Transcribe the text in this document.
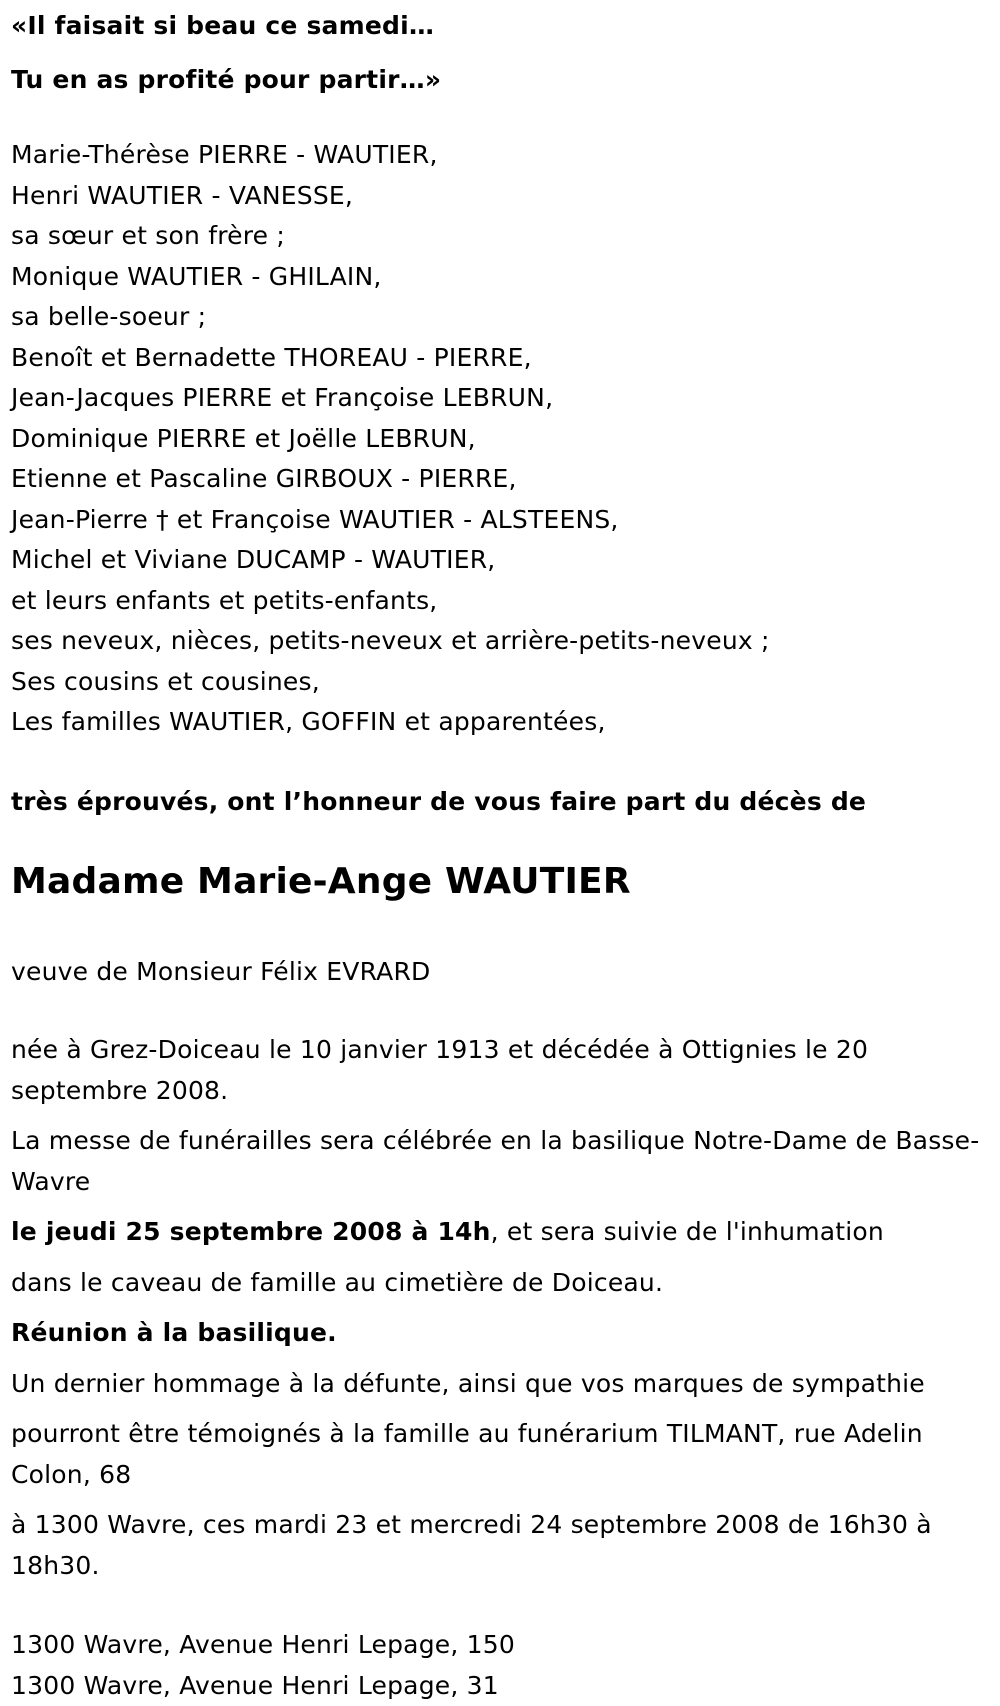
«Il faisait si beau ce samedi…
Tu en as profité pour partir…»
Marie-Thérèse PIERRE - WAUTIER,
Henri WAUTIER - VANESSE,
sa sœur et son frère ;
Monique WAUTIER - GHILAIN,
sa belle-soeur ;
Benoît et Bernadette THOREAU - PIERRE,
Jean-Jacques PIERRE et Françoise LEBRUN,
Dominique PIERRE et Joëlle LEBRUN,
Etienne et Pascaline GIRBOUX - PIERRE,
Jean-Pierre † et Françoise WAUTIER - ALSTEENS,
Michel et Viviane DUCAMP - WAUTIER,
et leurs enfants et petits-enfants,
ses neveux, nièces, petits-neveux et arrière-petits-neveux ;
Ses cousins et cousines,
Les familles WAUTIER, GOFFIN et apparentées,
très éprouvés, ont l’honneur de vous faire part du décès de
Madame Marie-Ange WAUTIER
veuve de Monsieur Félix EVRARD

née à Grez-Doiceau le 10 janvier 1913 et décédée à Ottignies le 20 septembre 2008.

La messe de funérailles sera célébrée en la basilique Notre-Dame de Basse-Wavre

le jeudi 25 septembre 2008 à 14h, et sera suivie de l'inhumation

dans le caveau de famille au cimetière de Doiceau.

Réunion à la basilique.

Un dernier hommage à la défunte, ainsi que vos marques de sympathie

pourront être témoignés à la famille au funérarium TILMANT, rue Adelin Colon, 68

à 1300 Wavre, ces mardi 23 et mercredi 24 septembre 2008 de 16h30 à 18h30.

1300 Wavre, Avenue Henri Lepage, 150
1300 Wavre, Avenue Henri Lepage, 31
